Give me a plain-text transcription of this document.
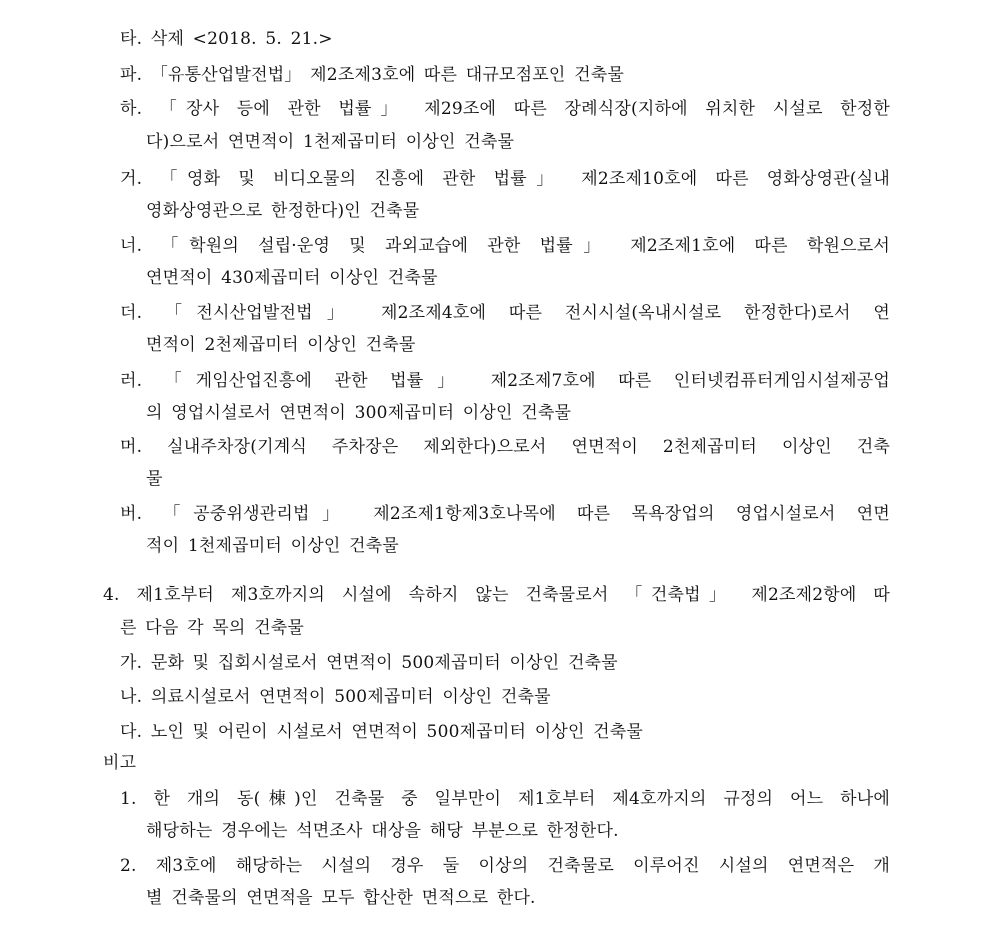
타. 삭제 <2018. 5. 21.>
파. 「유통산업발전법」 제2조제3호에 따른 대규모점포인 건축물
하. 「장사 등에 관한 법률」 제29조에 따른 장례식장(지하에 위치한 시설로 한정한
다)으로서 연면적이 1천제곱미터 이상인 건축물
거. 「영화 및 비디오물의 진흥에 관한 법률」 제2조제10호에 따른 영화상영관(실내
영화상영관으로 한정한다)인 건축물
너. 「학원의 설립·운영 및 과외교습에 관한 법률」 제2조제1호에 따른 학원으로서
연면적이 430제곱미터 이상인 건축물
더. 「전시산업발전법」 제2조제4호에 따른 전시시설(옥내시설로 한정한다)로서 연
면적이 2천제곱미터 이상인 건축물
러. 「게임산업진흥에 관한 법률」 제2조제7호에 따른 인터넷컴퓨터게임시설제공업
의 영업시설로서 연면적이 300제곱미터 이상인 건축물
머. 실내주차장(기계식 주차장은 제외한다)으로서 연면적이 2천제곱미터 이상인 건축
물
버. 「공중위생관리법」 제2조제1항제3호나목에 따른 목욕장업의 영업시설로서 연면
적이 1천제곱미터 이상인 건축물
4. 제1호부터 제3호까지의 시설에 속하지 않는 건축물로서 「건축법」 제2조제2항에 따
른 다음 각 목의 건축물
가. 문화 및 집회시설로서 연면적이 500제곱미터 이상인 건축물
나. 의료시설로서 연면적이 500제곱미터 이상인 건축물
다. 노인 및 어린이 시설로서 연면적이 500제곱미터 이상인 건축물
비고
1. 한 개의 동(棟)인 건축물 중 일부만이 제1호부터 제4호까지의 규정의 어느 하나에
해당하는 경우에는 석면조사 대상을 해당 부분으로 한정한다.
2. 제3호에 해당하는 시설의 경우 둘 이상의 건축물로 이루어진 시설의 연면적은 개
별 건축물의 연면적을 모두 합산한 면적으로 한다.
